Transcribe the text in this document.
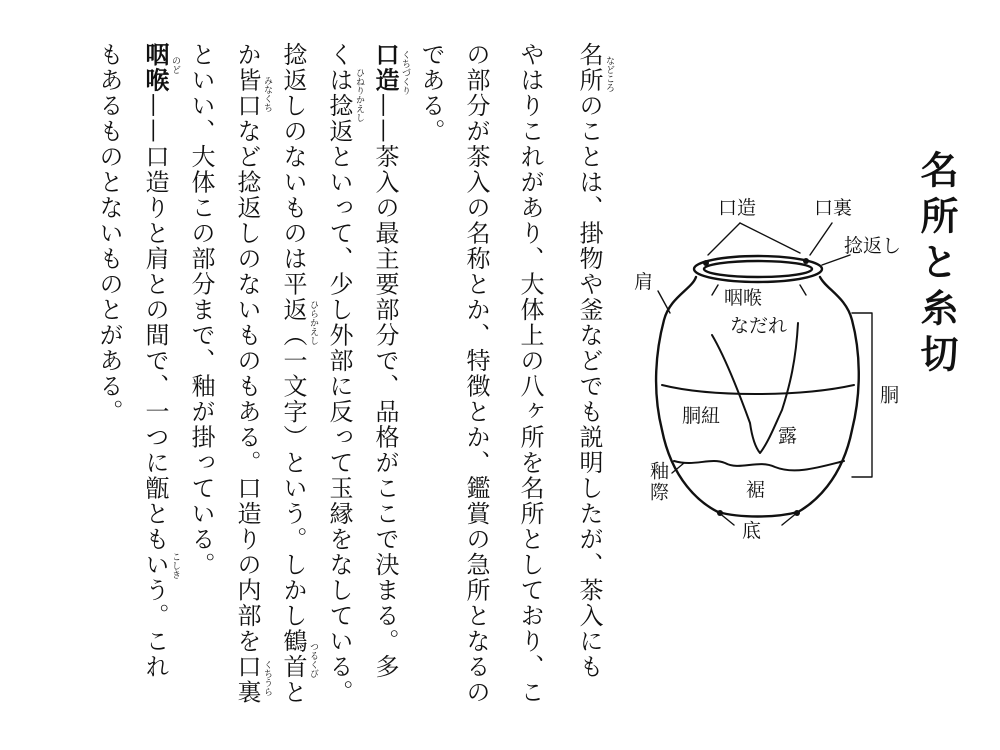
名所と糸切
口造	口裏
捻返し
肩
咽喉
なだれ
胴
胴紐
露
釉際	裾
底
名所のことは、掛物や釜などでも説明したが、茶入にも などころ
やはりこれがあり、大体上の八ヶ所を名所としており、こ
の部分が茶入の名称とか、特徴とか、鑑賞の急所となるの
である。
口造——茶入の最主要部分で、品格がここで決まる。多
くちづくり
くは捻返といって、少し外部に反って玉縁をなしている。 ひねりかえし
捻返しのないものは平返（一文字）という。しかし鶴首と ひらかえし
つるくび
か皆口など捻返しのないものもある。口造りの内部を口裏 みなくち
くちうら
といい、大体この部分まで、釉が掛っている。
咽喉——口造りと肩との間で、一つに甑ともいう。これ
のど
こしき
もあるものとないものとがある。
